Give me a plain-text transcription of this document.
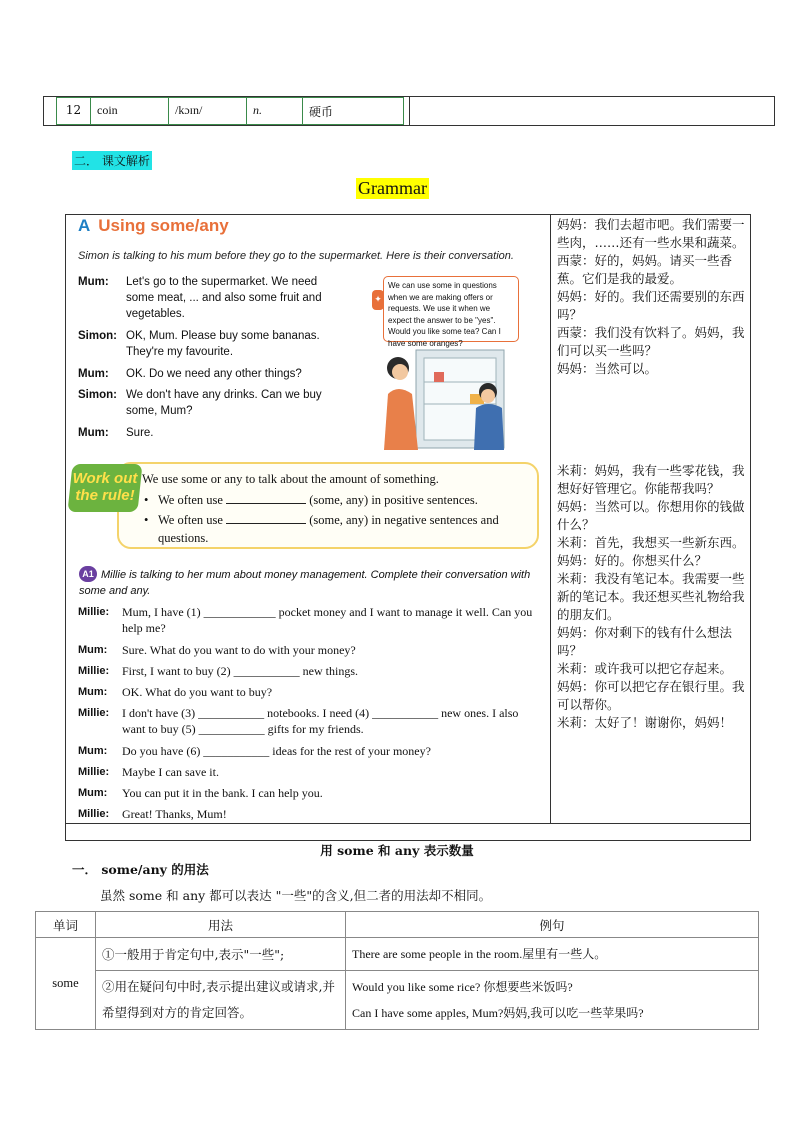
12	coin	/kɔɪn/	n.	硬币
二． 课文解析
Grammar
A Using some/any
Simon is talking to his mum before they go to the supermarket. Here is their conversation.
Mum: Let's go to the supermarket. We need some meat, ... and also some fruit and vegetables.
Simon: OK, Mum. Please buy some bananas. They're my favourite.
Mum: OK. Do we need any other things?
Simon: We don't have any drinks. Can we buy some, Mum?
Mum: Sure.
✦
We can use some in questions when we are making offers or requests. We use it when we expect the answer to be "yes". Would you like some tea? Can I have some oranges?
Work out the rule!
We use some or any to talk about the amount of something.
• We often use	(some, any) in positive sentences.
• We often use	(some, any) in negative sentences and questions.
Millie is talking to her mum about money management. Complete their conversation with some and any.
A1
Millie: Mum, I have (1) ____________ pocket money and I want to manage it well. Can you help me?
Mum: Sure. What do you want to do with your money?
Millie: First, I want to buy (2) ___________ new things.
Mum: OK. What do you want to buy?
Millie: I don't have (3) ___________ notebooks. I need (4) ___________ new ones. I also want to buy (5) ___________ gifts for my friends.
Mum: Do you have (6) ___________ ideas for the rest of your money?
Millie: Maybe I can save it.
Mum: You can put it in the bank. I can help you.
Millie: Great! Thanks, Mum!
妈妈：我们去超市吧。我们需要一些肉，……还有一些水果和蔬菜。
西蒙：好的，妈妈。请买一些香蕉。它们是我的最爱。
妈妈：好的。我们还需要别的东西吗？
西蒙：我们没有饮料了。妈妈，我们可以买一些吗？
妈妈：当然可以。
米莉：妈妈，我有一些零花钱，我想好好管理它。你能帮我吗？
妈妈：当然可以。你想用你的钱做什么？
米莉：首先，我想买一些新东西。
妈妈：好的。你想买什么？
米莉：我没有笔记本。我需要一些新的笔记本。我还想买些礼物给我的朋友们。
妈妈：你对剩下的钱有什么想法吗？
米莉：或许我可以把它存起来。
妈妈：你可以把它存在银行里。我可以帮你。
米莉：太好了！谢谢你，妈妈！
用 some 和 any 表示数量
一． some/any 的用法
虽然 some 和 any 都可以表达 "一些"的含义,但二者的用法却不相同。
单词	用法	例句
some	①一般用于肯定句中,表示"一些";	There are some people in the room.屋里有一些人。
	②用在疑问句中时,表示提出建议或请求,并希望得到对方的肯定回答。	Would you like some rice? 你想要些米饭吗?
Can I have some apples, Mum?妈妈,我可以吃一些苹果吗?
